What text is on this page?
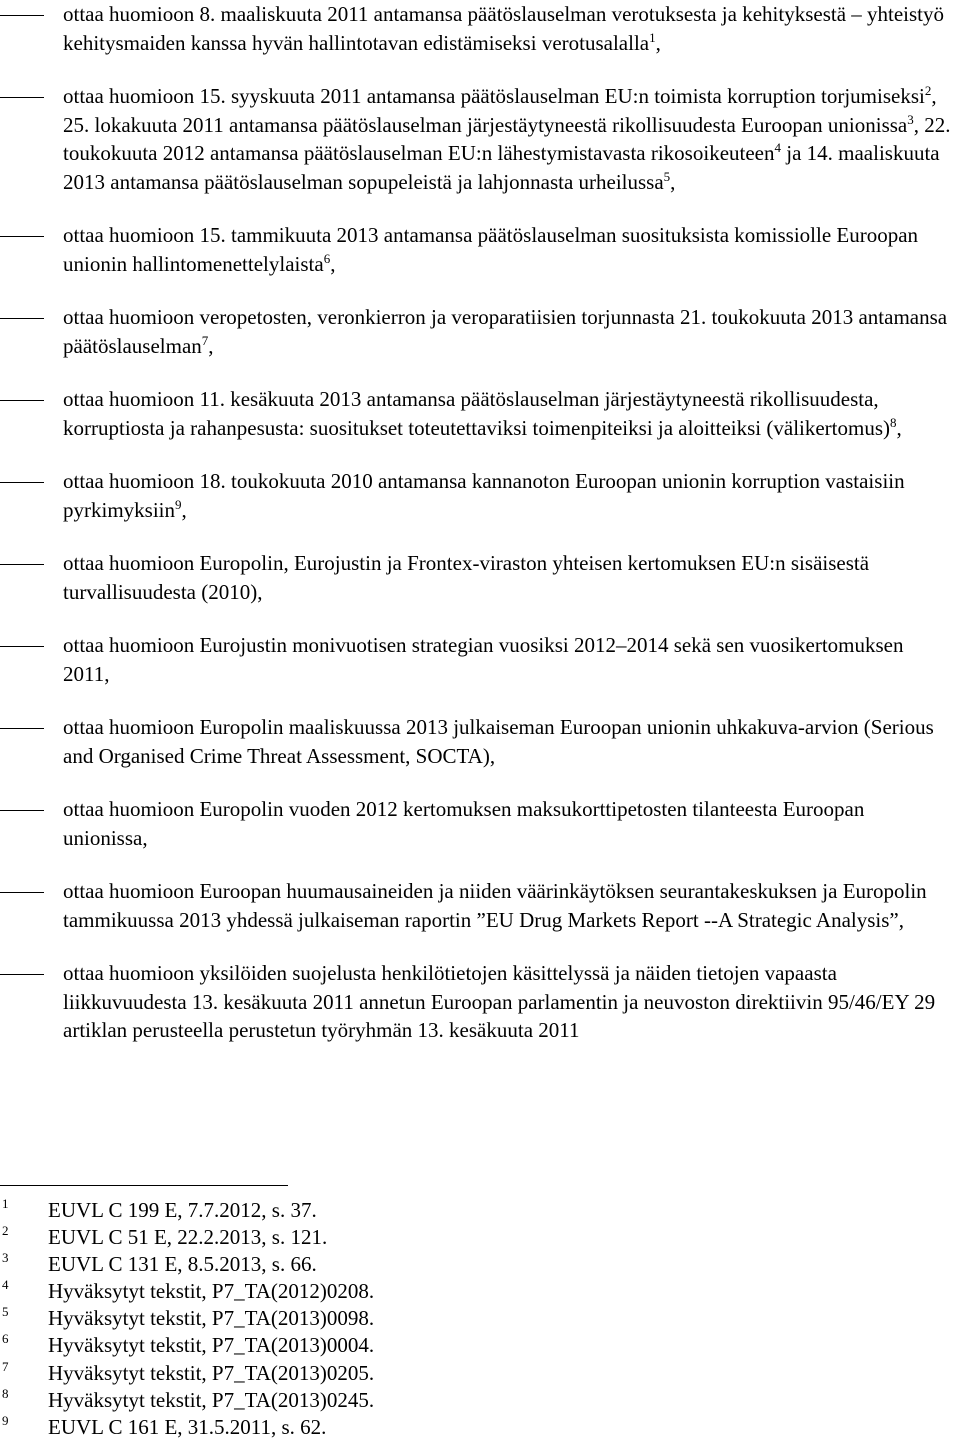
ottaa huomioon 8. maaliskuuta 2011 antamansa päätöslauselman verotuksesta ja kehityksestä – yhteistyö kehitysmaiden kanssa hyvän hallintotavan edistämiseksi verotusalalla$^1$,
ottaa huomioon 15. syyskuuta 2011 antamansa päätöslauselman EU:n toimista korruption torjumiseksi$^2$, 25. lokakuuta 2011 antamansa päätöslauselman järjestäytyneestä rikollisuudesta Euroopan unionissa$^3$, 22. toukokuuta 2012 antamansa päätöslauselman EU:n lähestymistavasta rikosoikeuteen$^4$ ja 14. maaliskuuta 2013 antamansa päätöslauselman sopupeleistä ja lahjonnasta urheilussa$^5$,
ottaa huomioon 15. tammikuuta 2013 antamansa päätöslauselman suosituksista komissiolle Euroopan unionin hallintomenettelylaista$^6$,
ottaa huomioon veropetosten, veronkierron ja veroparatiisien torjunnasta 21. toukokuuta 2013 antamansa päätöslauselman$^7$,
ottaa huomioon 11. kesäkuuta 2013 antamansa päätöslauselman järjestäytyneestä rikollisuudesta, korruptiosta ja rahanpesusta: suositukset toteutettaviksi toimenpiteiksi ja aloitteiksi (välikertomus)$^8$,
ottaa huomioon 18. toukokuuta 2010 antamansa kannanoton Euroopan unionin korruption vastaisiin pyrkimyksiin$^9$,
ottaa huomioon Europolin, Eurojustin ja Frontex-viraston yhteisen kertomuksen EU:n sisäisestä turvallisuudesta (2010),
ottaa huomioon Eurojustin monivuotisen strategian vuosiksi 2012–2014 sekä sen vuosikertomuksen 2011,
ottaa huomioon Europolin maaliskuussa 2013 julkaiseman Euroopan unionin uhkakuva-arvion (Serious and Organised Crime Threat Assessment, SOCTA),
ottaa huomioon Europolin vuoden 2012 kertomuksen maksukorttipetosten tilanteesta Euroopan unionissa,
ottaa huomioon Euroopan huumausaineiden ja niiden väärinkäytöksen seurantakeskuksen ja Europolin tammikuussa 2013 yhdessä julkaiseman raportin ”EU Drug Markets Report --A Strategic Analysis”,
ottaa huomioon yksilöiden suojelusta henkilötietojen käsittelyssä ja näiden tietojen vapaasta liikkuvuudesta 13. kesäkuuta 2011 annetun Euroopan parlamentin ja neuvoston direktiivin 95/46/EY 29 artiklan perusteella perustetun työryhmän 13. kesäkuuta 2011
1	EUVL C 199 E, 7.7.2012, s. 37.
2	EUVL C 51 E, 22.2.2013, s. 121.
3	EUVL C 131 E, 8.5.2013, s. 66.
4	Hyväksytyt tekstit, P7_TA(2012)0208.
5	Hyväksytyt tekstit, P7_TA(2013)0098.
6	Hyväksytyt tekstit, P7_TA(2013)0004.
7	Hyväksytyt tekstit, P7_TA(2013)0205.
8	Hyväksytyt tekstit, P7_TA(2013)0245.
9	EUVL C 161 E, 31.5.2011, s. 62.
